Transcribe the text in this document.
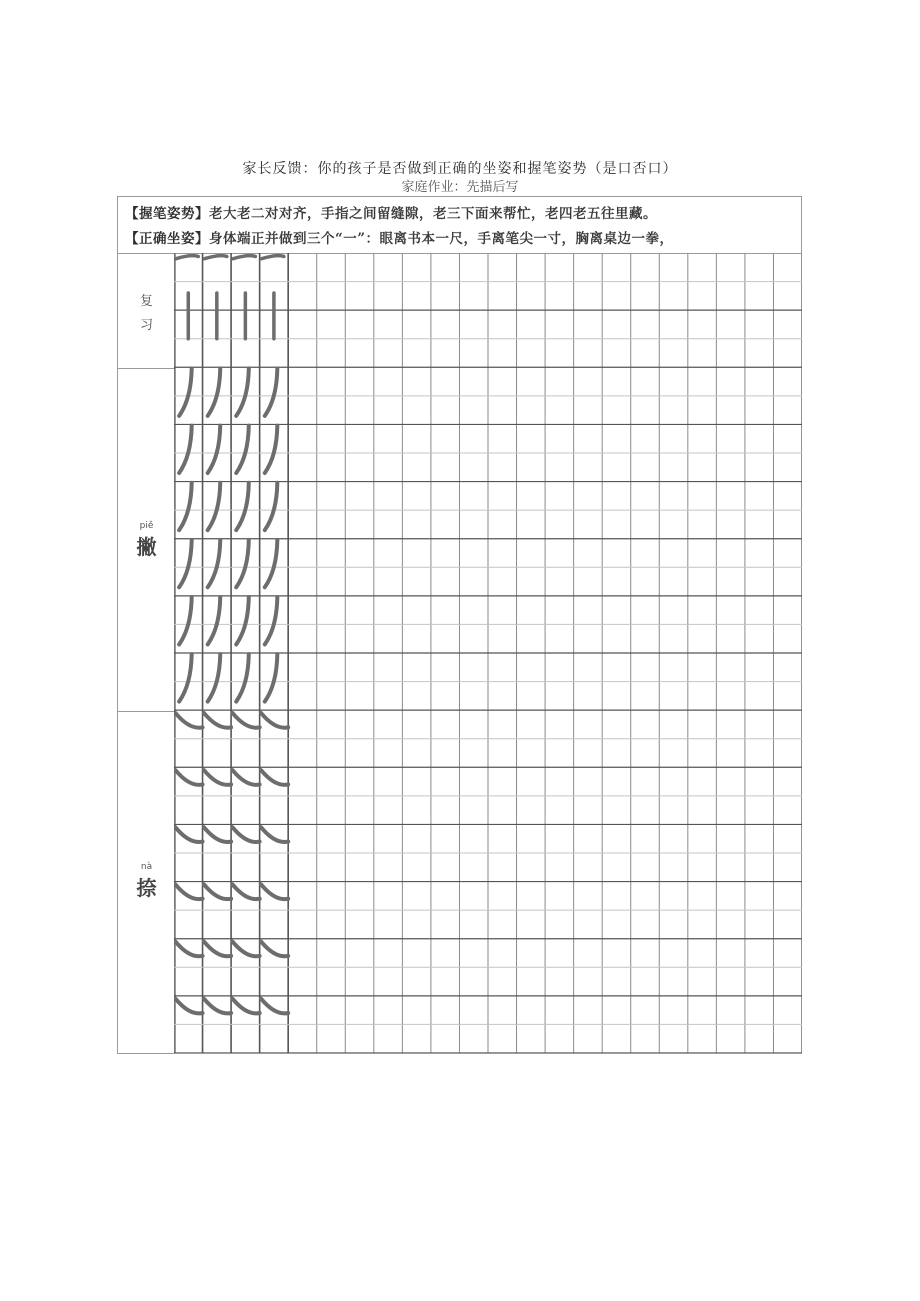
家长反馈：你的孩子是否做到正确的坐姿和握笔姿势（是口否口）
家庭作业：先描后写
【握笔姿势】老大老二对对齐，手指之间留缝隙，老三下面来帮忙，老四老五往里藏。
【正确坐姿】身体端正并做到三个“一”：眼离书本一尺，手离笔尖一寸，胸离桌边一拳，
复
习
piě
撇
nà
捺
